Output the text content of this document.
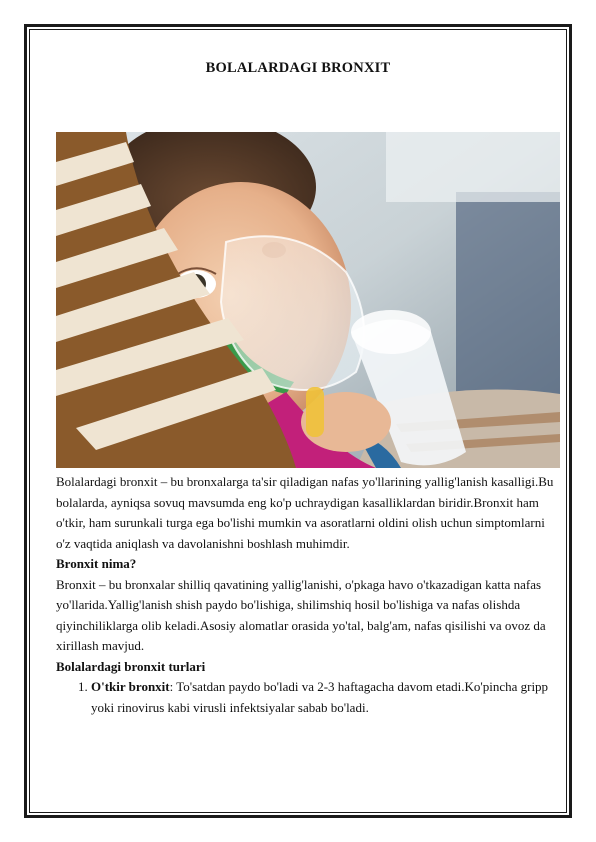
BOLALARDAGI BRONXIT

Bolalardagi bronxit – bu bronxalarga ta'sir qiladigan nafas yo'llarining yallig'lanish kasalligi.Bu bolalarda, ayniqsa sovuq mavsumda eng ko'p uchraydigan kasalliklardan biridir.Bronxit ham o'tkir, ham surunkali turga ega bo'lishi mumkin va asoratlarni oldini olish uchun simptomlarni o'z vaqtida aniqlash va davolanishni boshlash muhimdir.

Bronxit nima?

Bronxit – bu bronxalar shilliq qavatining yallig'lanishi, o'pkaga havo o'tkazadigan katta nafas yo'llarida.Yallig'lanish shish paydo bo'lishiga, shilimshiq hosil bo'lishiga va nafas olishda qiyinchiliklarga olib keladi.Asosiy alomatlar orasida yo'tal, balg'am, nafas qisilishi va ovoz da xirillash mavjud.

Bolalardagi bronxit turlari

1. O'tkir bronxit: To'satdan paydo bo'ladi va 2-3 haftagacha davom etadi.Ko'pincha gripp yoki rinovirus kabi virusli infektsiyalar sabab bo'ladi.
